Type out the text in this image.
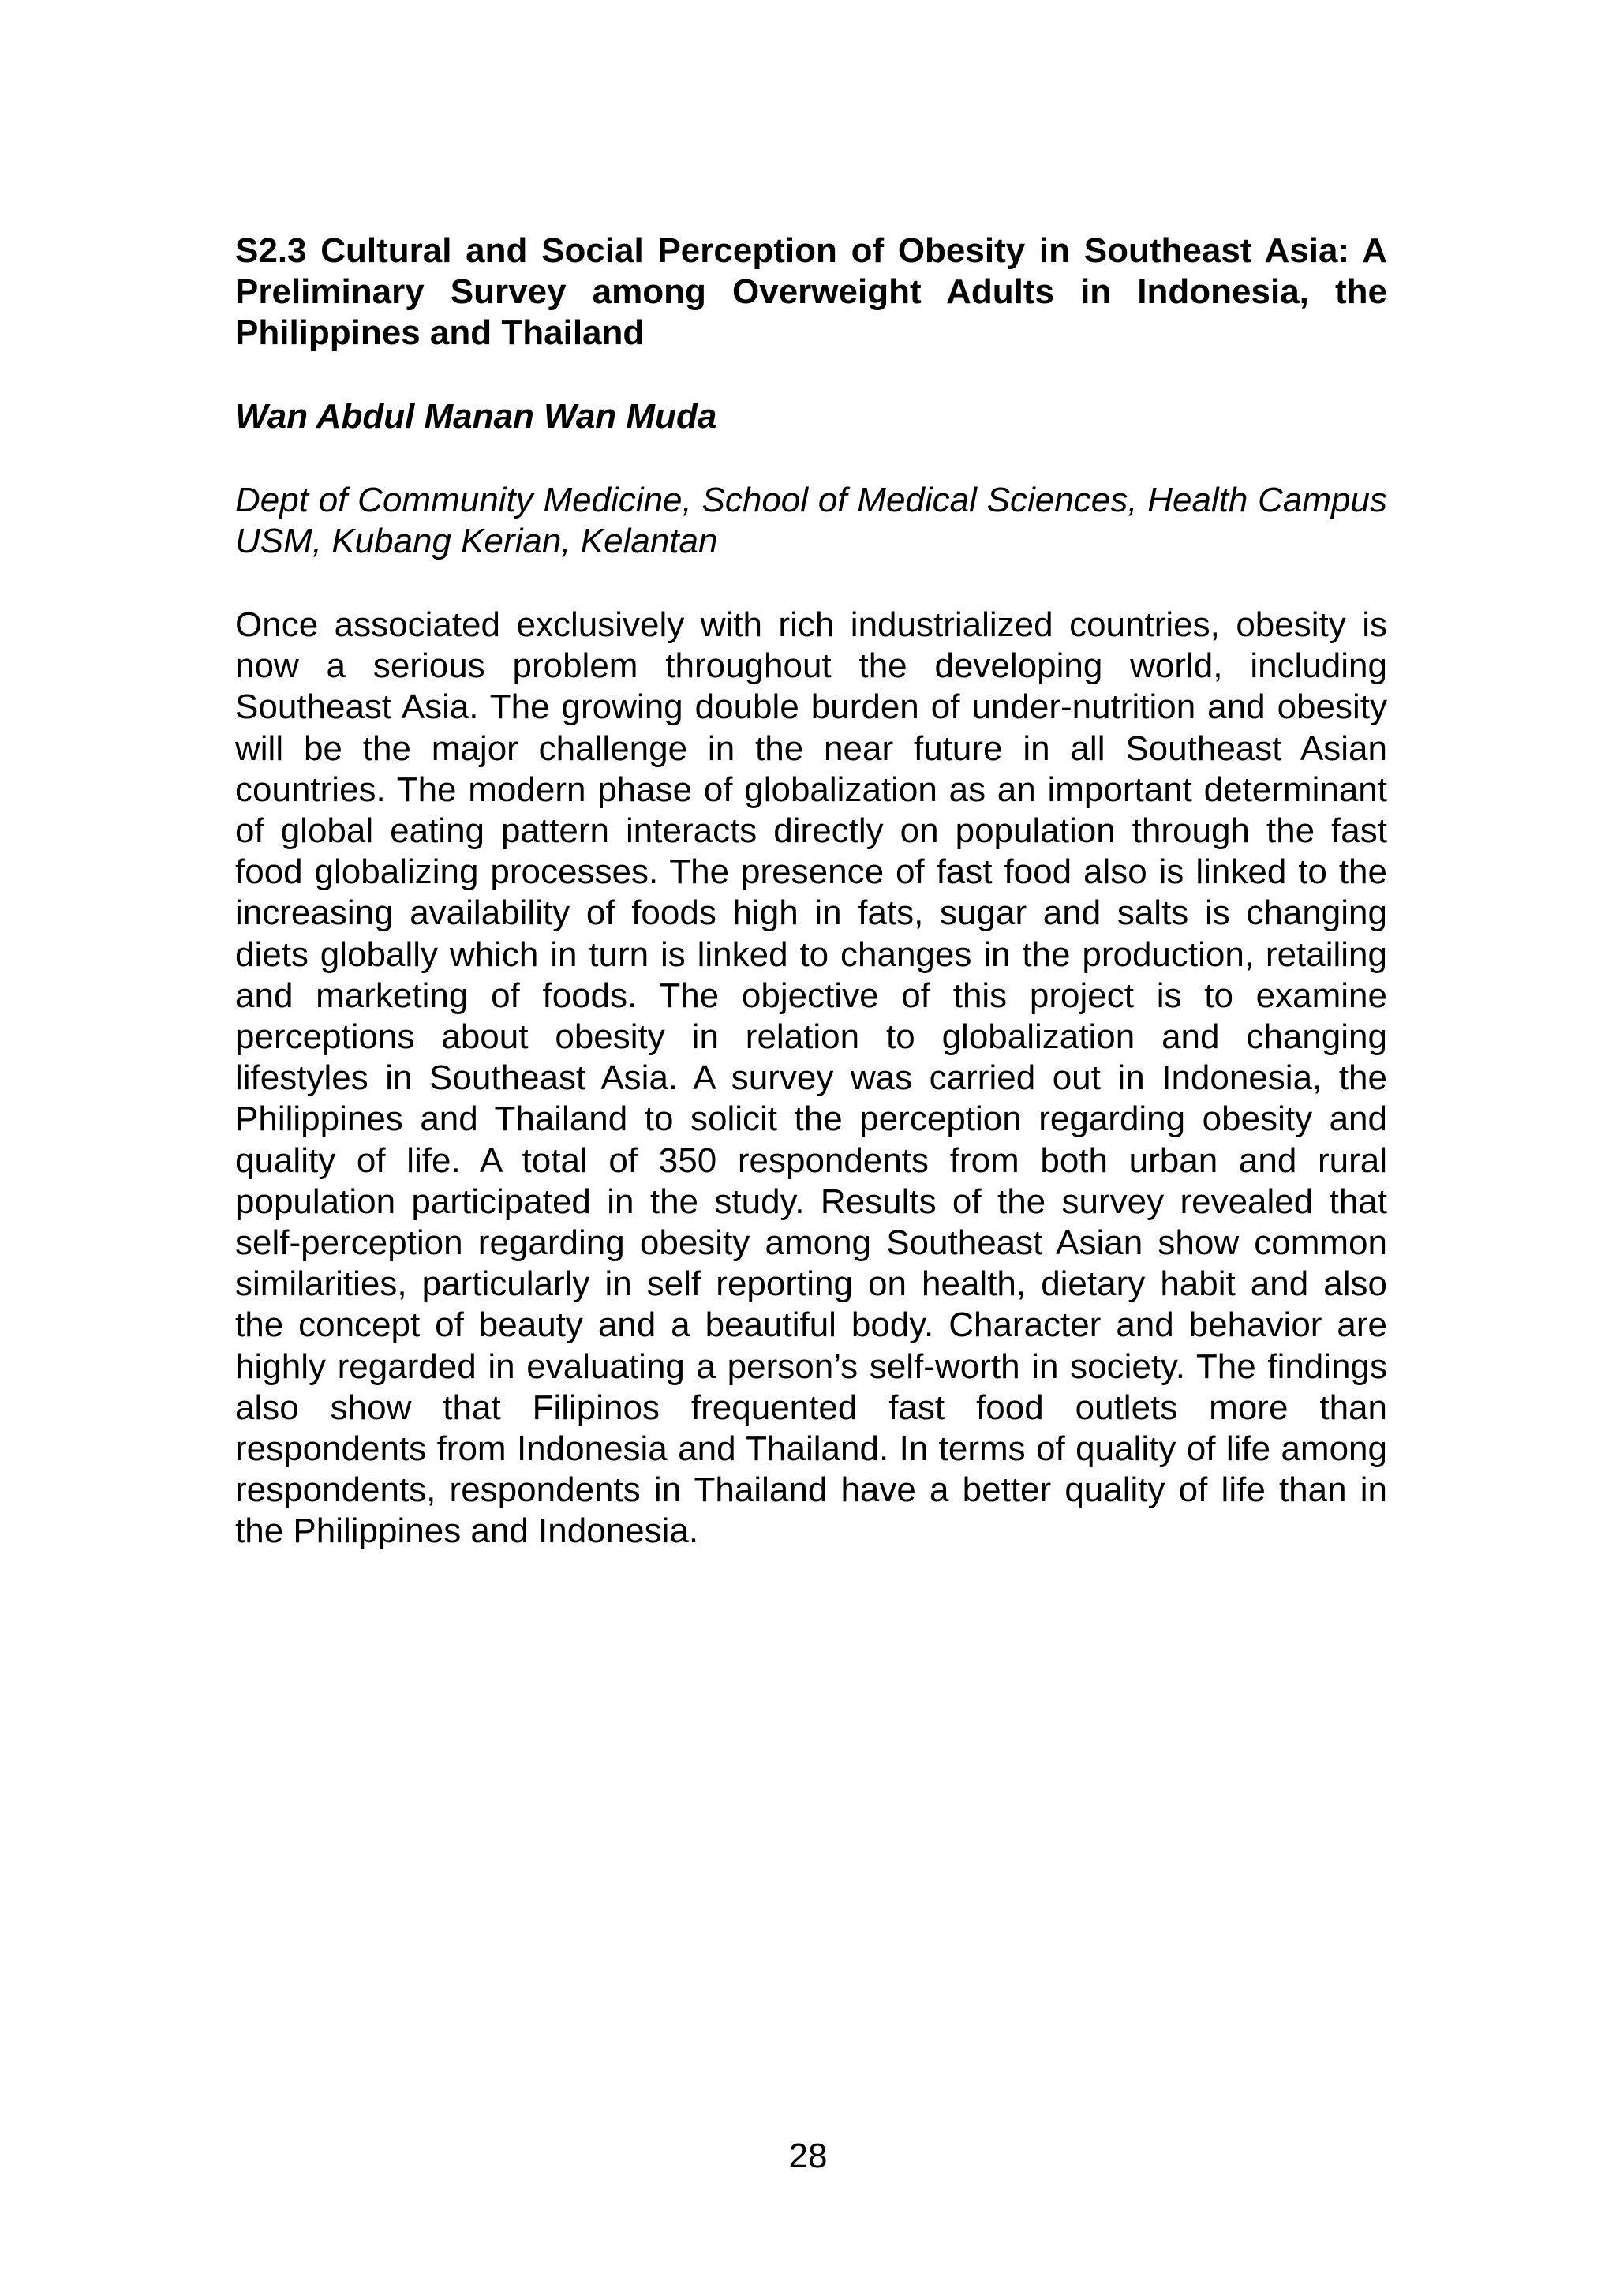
S2.3 Cultural and Social Perception of Obesity in Southeast Asia: A Preliminary Survey among Overweight Adults in Indonesia, the Philippines and Thailand

Wan Abdul Manan Wan Muda

Dept of Community Medicine, School of Medical Sciences, Health Campus USM, Kubang Kerian, Kelantan

Once associated exclusively with rich industrialized countries, obesity is now a serious problem throughout the developing world, including Southeast Asia. The growing double burden of under-nutrition and obesity will be the major challenge in the near future in all Southeast Asian countries. The modern phase of globalization as an important determinant of global eating pattern interacts directly on population through the fast food globalizing processes. The presence of fast food also is linked to the increasing availability of foods high in fats, sugar and salts is changing diets globally which in turn is linked to changes in the production, retailing and marketing of foods. The objective of this project is to examine perceptions about obesity in relation to globalization and changing lifestyles in Southeast Asia. A survey was carried out in Indonesia, the Philippines and Thailand to solicit the perception regarding obesity and quality of life. A total of 350 respondents from both urban and rural population participated in the study. Results of the survey revealed that self-perception regarding obesity among Southeast Asian show common similarities, particularly in self reporting on health, dietary habit and also the concept of beauty and a beautiful body. Character and behavior are highly regarded in evaluating a person’s self-worth in society. The findings also show that Filipinos frequented fast food outlets more than respondents from Indonesia and Thailand. In terms of quality of life among respondents, respondents in Thailand have a better quality of life than in the Philippines and Indonesia.

28
